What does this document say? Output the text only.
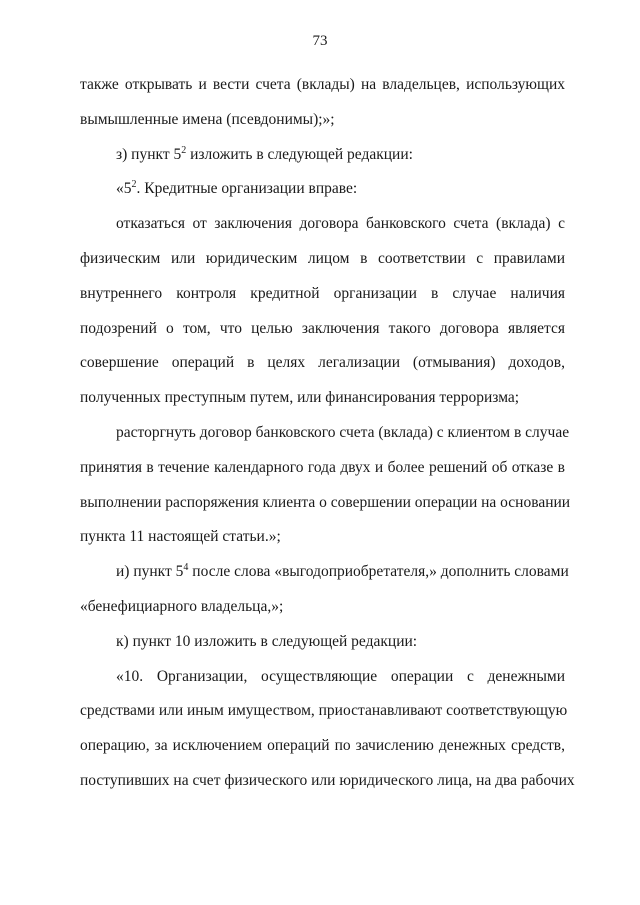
73
также открывать и вести счета (вклады) на владельцев, использующих
вымышленные имена (псевдонимы);»;
з) пункт $5^2$ изложить в следующей редакции:
«$5^2$. Кредитные организации вправе:
отказаться от заключения договора банковского счета (вклада) с
физическим или юридическим лицом в соответствии с правилами
внутреннего контроля кредитной организации в случае наличия
подозрений о том, что целью заключения такого договора является
совершение операций в целях легализации (отмывания) доходов,
полученных преступным путем, или финансирования терроризма;
расторгнуть договор банковского счета (вклада) с клиентом в случае
принятия в течение календарного года двух и более решений об отказе в
выполнении распоряжения клиента о совершении операции на основании
пункта 11 настоящей статьи.»;
и) пункт $5^4$ после слова «выгодоприобретателя,» дополнить словами
«бенефициарного владельца,»;
к) пункт 10 изложить в следующей редакции:
«10. Организации, осуществляющие операции с денежными
средствами или иным имуществом, приостанавливают соответствующую
операцию, за исключением операций по зачислению денежных средств,
поступивших на счет физического или юридического лица, на два рабочих
